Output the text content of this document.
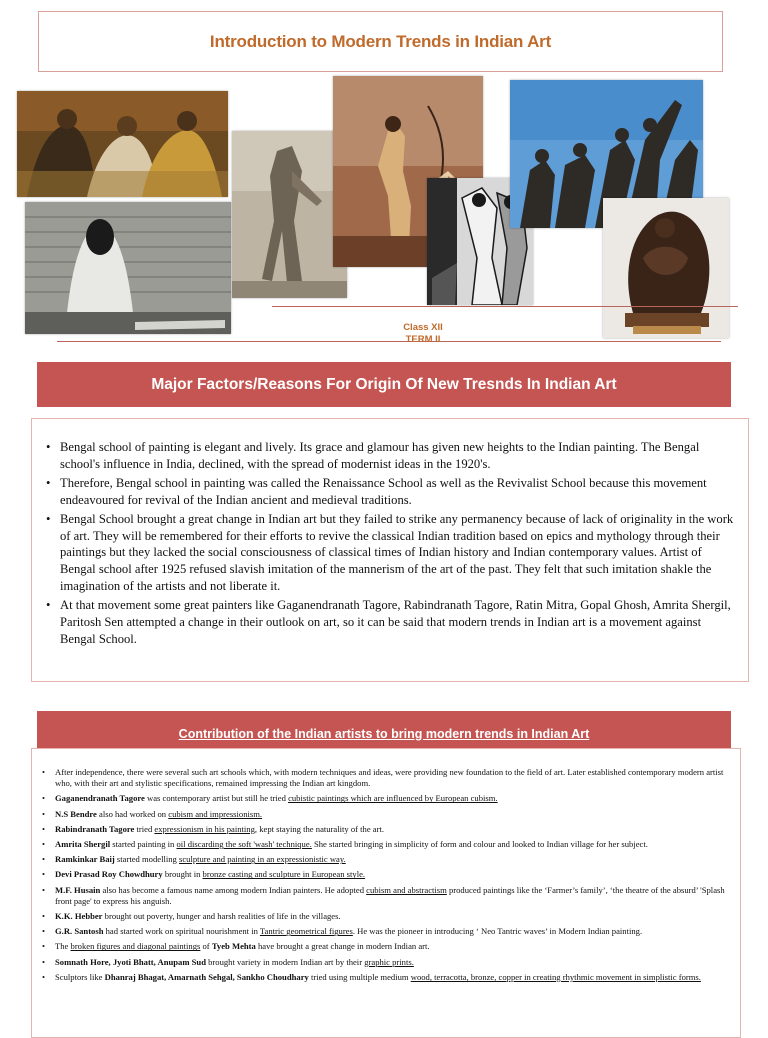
Introduction to Modern Trends in Indian Art
Class XII
TERM II
Major Factors/Reasons For Origin Of New Tresnds In Indian Art
• Bengal school of painting is elegant and lively. Its grace and glamour has given new heights to the Indian painting. The Bengal school's influence in India, declined, with the spread of modernist ideas in the 1920's.
• Therefore, Bengal school in painting was called the Renaissance School as well as the Revivalist School because this movement endeavoured for revival of the Indian ancient and medieval traditions.
• Bengal School brought a great change in Indian art but they failed to strike any permanency because of lack of originality in the work of art. They will be remembered for their efforts to revive the classical Indian tradition based on epics and mythology through their paintings but they lacked the social consciousness of classical times of Indian history and Indian contemporary values. Artist of Bengal school after 1925 refused slavish imitation of the mannerism of the art of the past. They felt that such imitation shakle the imagination of the artists and not liberate it.
• At that movement some great painters like Gaganendranath Tagore, Rabindranath Tagore, Ratin Mitra, Gopal Ghosh, Amrita Shergil, Paritosh Sen attempted a change in their outlook on art, so it can be said that modern trends in Indian art is a movement against Bengal School.
Contribution of the Indian artists to bring modern trends in Indian Art
• After independence, there were several such art schools which, with modern techniques and ideas, were providing new foundation to the field of art. Later established contemporary modern artist who, with their art and stylistic specifications, remained impressing the Indian art kingdom.
• Gaganendranath Tagore was contemporary artist but still he tried cubistic paintings which are influenced by European cubism.
• N.S Bendre also had worked on cubism and impressionism.
• Rabindranath Tagore tried expressionism in his painting, kept staying the naturality of the art.
• Amrita Shergil started painting in oil discarding the soft 'wash' technique. She started bringing in simplicity of form and colour and looked to Indian village for her subject.
• Ramkinkar Baij started modelling sculpture and painting in an expressionistic way.
• Devi Prasad Roy Chowdhury brought in bronze casting and sculpture in European style.
• M.F. Husain also has become a famous name among modern Indian painters. He adopted cubism and abstractism produced paintings like the ‘Farmer’s family’, ‘the theatre of the absurd’ 'Splash front page' to express his anguish.
• K.K. Hebber brought out poverty, hunger and harsh realities of life in the villages.
• G.R. Santosh had started work on spiritual nourishment in Tantric geometrical figures. He was the pioneer in introducing ‘ Neo Tantric waves’ in Modern Indian painting.
• The broken figures and diagonal paintings of Tyeb Mehta have brought a great change in modern Indian art.
• Somnath Hore, Jyoti Bhatt, Anupam Sud brought variety in modern Indian art by their graphic prints.
• Sculptors like Dhanraj Bhagat, Amarnath Sehgal, Sankho Choudhary tried using multiple medium wood, terracotta, bronze, copper in creating rhythmic movement in simplistic forms.
